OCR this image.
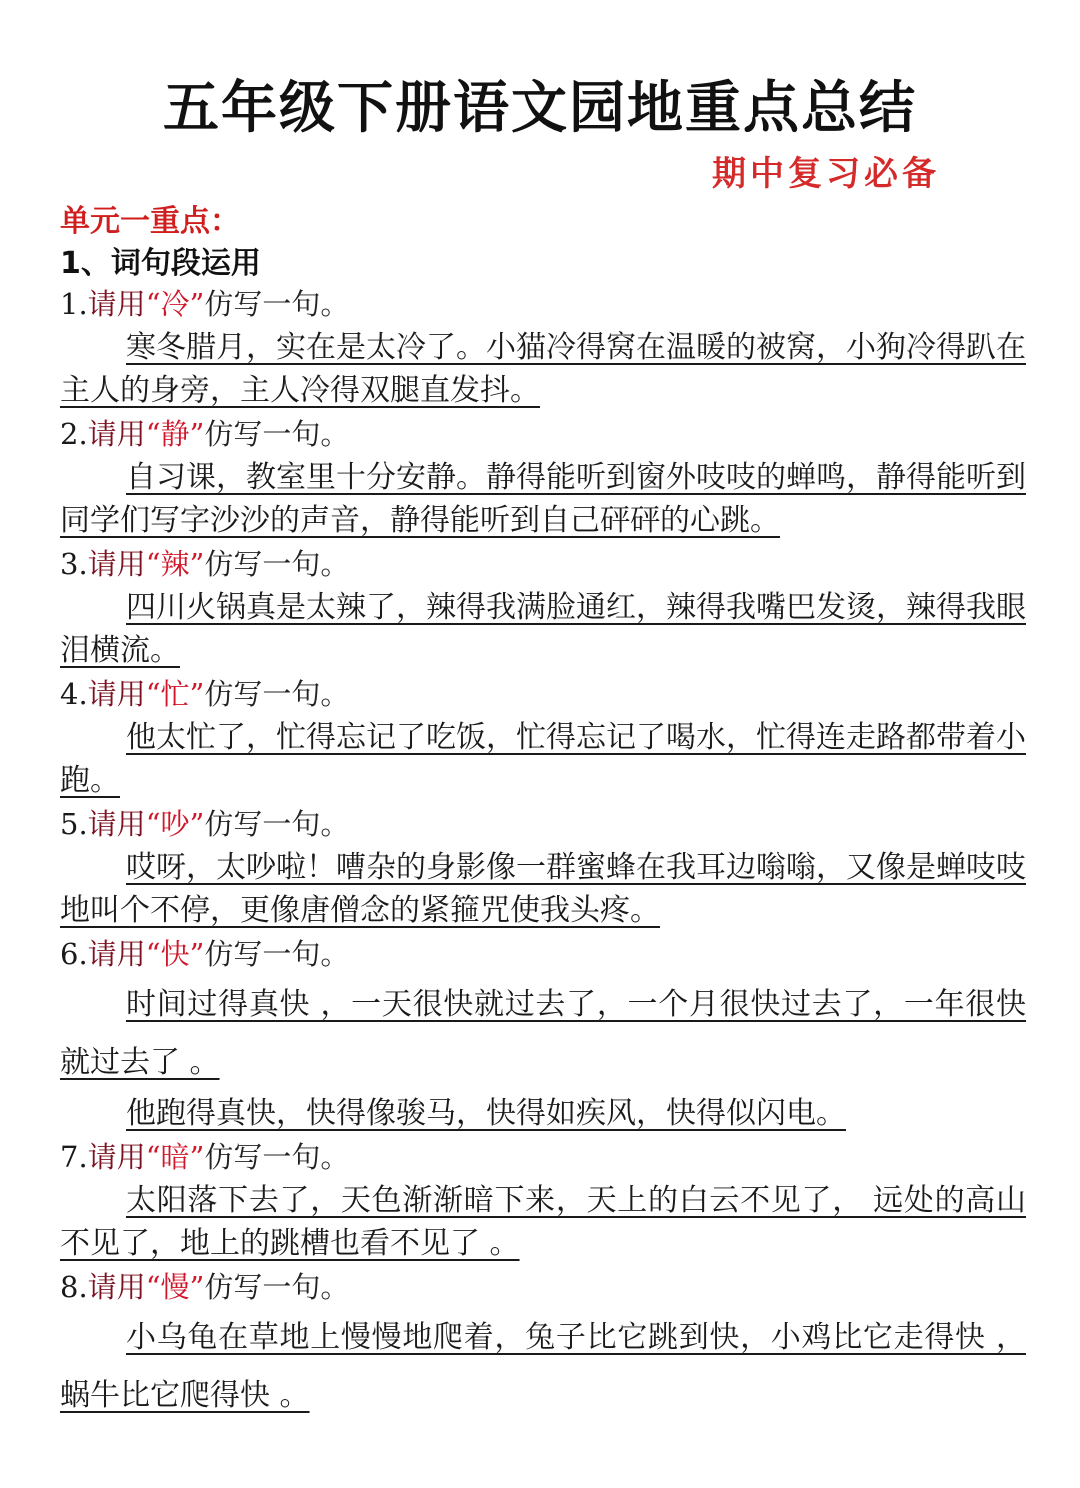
五年级下册语文园地重点总结
期中复习必备
单元一重点：
1、词句段运用
1.请用“冷”仿写一句。

寒冬腊月，实在是太冷了。小猫冷得窝在温暖的被窝，小狗冷得趴在主人的身旁，主人冷得双腿直发抖。

2.请用“静”仿写一句。

自习课，教室里十分安静。静得能听到窗外吱吱的蝉鸣，静得能听到同学们写字沙沙的声音，静得能听到自己砰砰的心跳。

3.请用“辣”仿写一句。

四川火锅真是太辣了，辣得我满脸通红，辣得我嘴巴发烫，辣得我眼泪横流。

4.请用“忙”仿写一句。

他太忙了，忙得忘记了吃饭，忙得忘记了喝水，忙得连走路都带着小跑。

5.请用“吵”仿写一句。

哎呀，太吵啦！嘈杂的身影像一群蜜蜂在我耳边嗡嗡，又像是蝉吱吱地叫个不停，更像唐僧念的紧箍咒使我头疼。

6.请用“快”仿写一句。

时间过得真快 ，一天很快就过去了，一个月很快过去了，一年很快就过去了 。

他跑得真快，快得像骏马，快得如疾风，快得似闪电。

7.请用“暗”仿写一句。

太阳落下去了，天色渐渐暗下来，天上的白云不见了， 远处的高山不见了，地上的跳槽也看不见了 。

8.请用“慢”仿写一句。

小乌龟在草地上慢慢地爬着，兔子比它跳到快，小鸡比它走得快 ，蜗牛比它爬得快 。
